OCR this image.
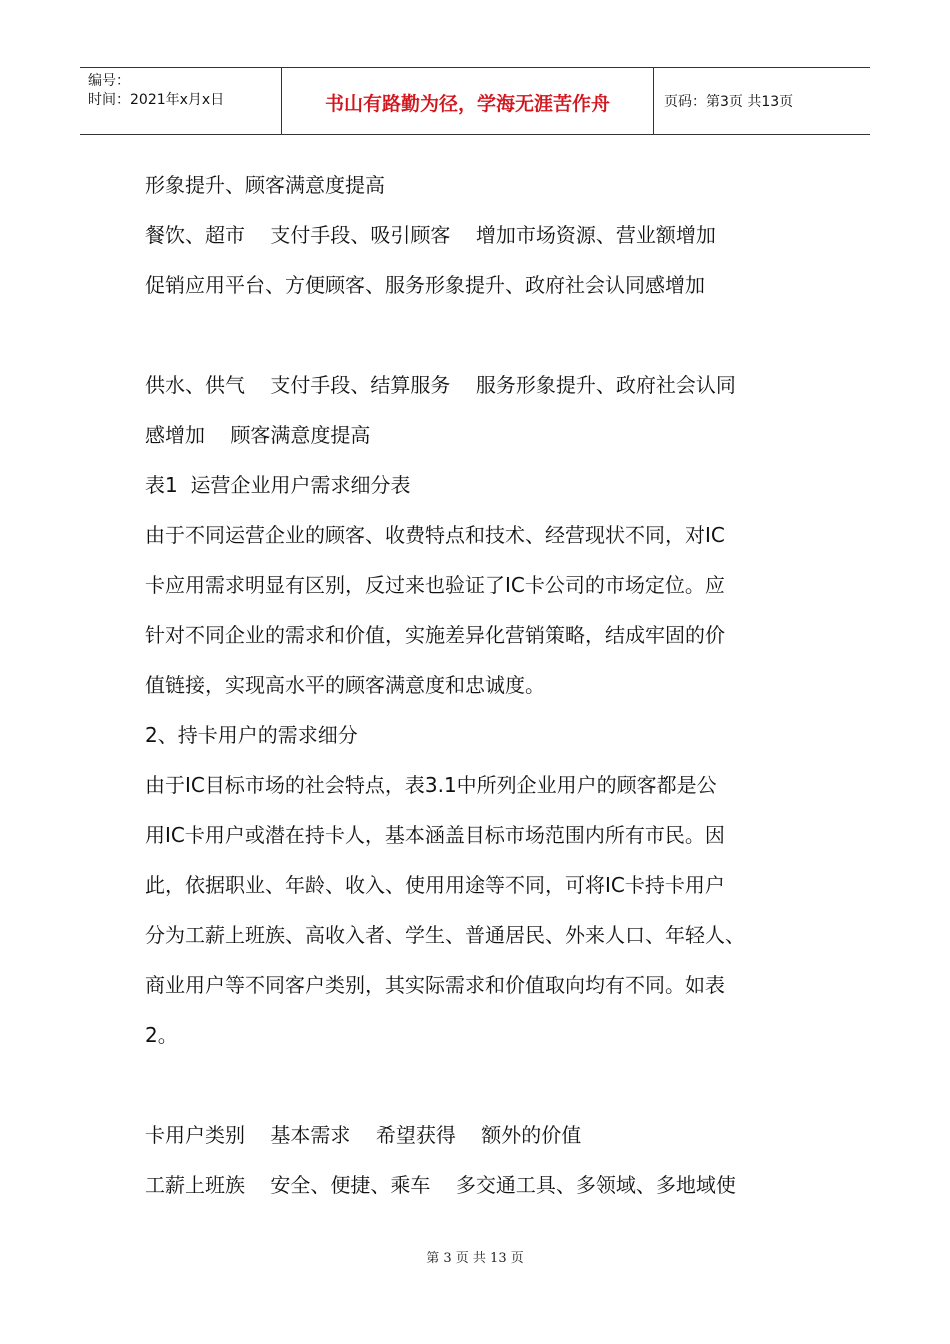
编号：
时间：2021年x月x日	书山有路勤为径，学海无涯苦作舟	页码：第3页 共13页
形象提升、顾客满意度提高
餐饮、超市    支付手段、吸引顾客    增加市场资源、营业额增加
促销应用平台、方便顾客、服务形象提升、政府社会认同感增加
供水、供气    支付手段、结算服务    服务形象提升、政府社会认同
感增加    顾客满意度提高
表1  运营企业用户需求细分表
由于不同运营企业的顾客、收费特点和技术、经营现状不同，对IC
卡应用需求明显有区别，反过来也验证了IC卡公司的市场定位。应
针对不同企业的需求和价值，实施差异化营销策略，结成牢固的价
值链接，实现高水平的顾客满意度和忠诚度。
2、持卡用户的需求细分
由于IC目标市场的社会特点，表3.1中所列企业用户的顾客都是公
用IC卡用户或潜在持卡人，基本涵盖目标市场范围内所有市民。因
此，依据职业、年龄、收入、使用用途等不同，可将IC卡持卡用户
分为工薪上班族、高收入者、学生、普通居民、外来人口、年轻人、
商业用户等不同客户类别，其实际需求和价值取向均有不同。如表
2。
卡用户类别    基本需求    希望获得    额外的价值
工薪上班族    安全、便捷、乘车    多交通工具、多领域、多地域使
第 3 页 共 13 页
